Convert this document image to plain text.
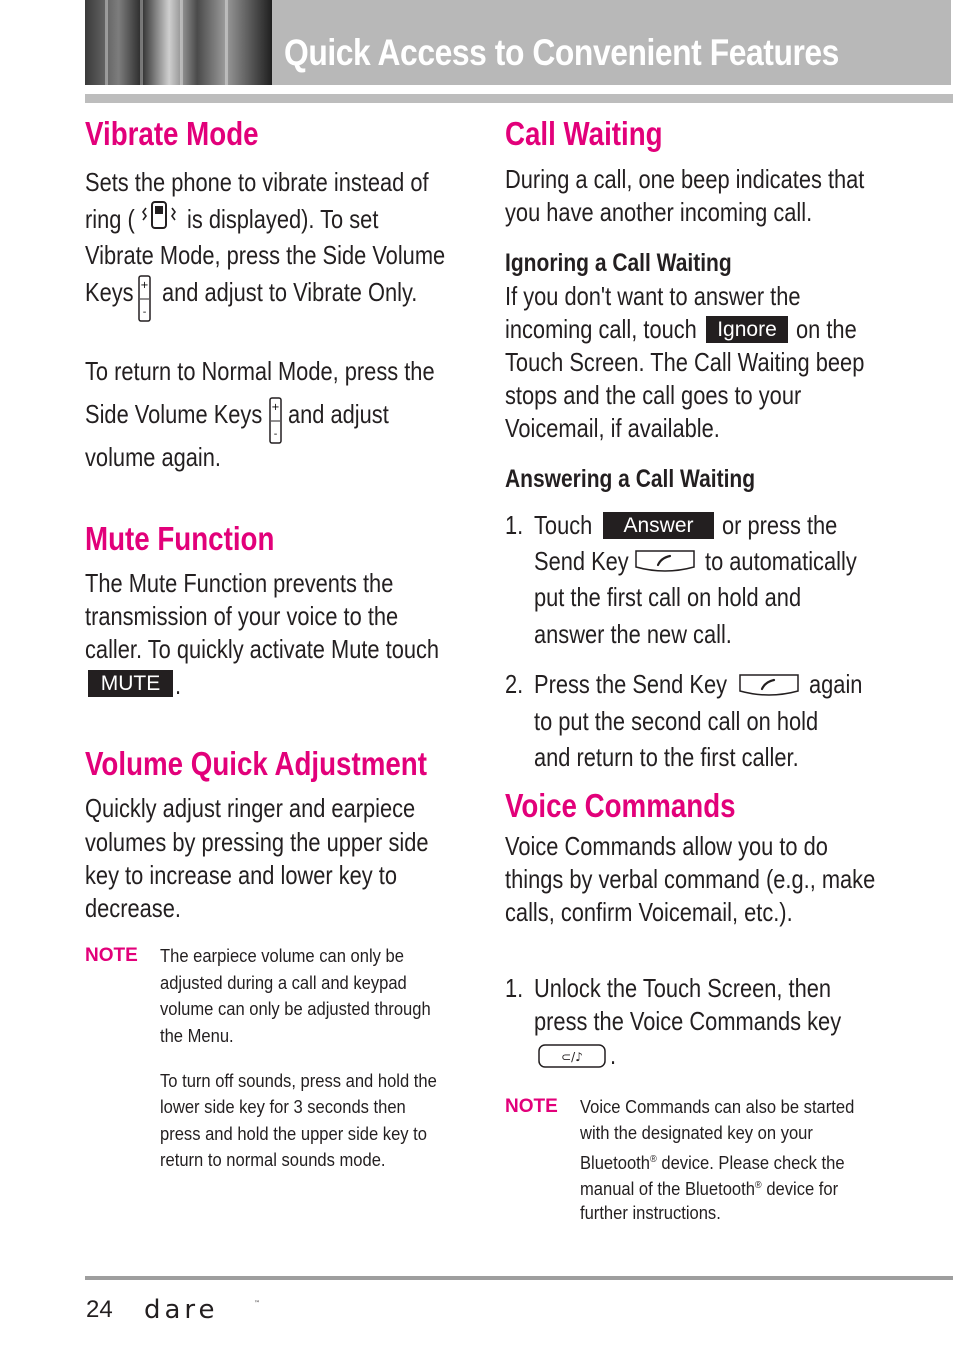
Quick Access to Convenient Features
Vibrate Mode
Sets the phone to vibrate instead of
ring ( is displayed). To set
Vibrate Mode, press the Side Volume
Keys +
-
and adjust to Vibrate Only.
To return to Normal Mode, press the
Side Volume Keys +
-
and adjust
volume again.
Mute Function
The Mute Function prevents the
transmission of your voice to the
caller. To quickly activate Mute touch
MUTE .
Volume Quick Adjustment
Quickly adjust ringer and earpiece
volumes by pressing the upper side
key to increase and lower key to
decrease.
NOTE The earpiece volume can only be
adjusted during a call and keypad
volume can only be adjusted through
the Menu.
To turn off sounds, press and hold the
lower side key for 3 seconds then
press and hold the upper side key to
return to normal sounds mode.
Call Waiting
During a call, one beep indicates that
you have another incoming call.
Ignoring a Call Waiting
If you don't want to answer the
incoming call, touch Ignore on the
Touch Screen. The Call Waiting beep
stops and the call goes to your
Voicemail, if available.
Answering a Call Waiting
1. Touch	Answer	or press the
Send Key	to automatically
put the first call on hold and
answer the new call.
2. Press the Send Key	again
to put the second call on hold
and return to the first caller.
Voice Commands
Voice Commands allow you to do
things by verbal command (e.g., make
calls, confirm Voicemail, etc.).
1. Unlock the Touch Screen, then
press the Voice Commands key
⊂/♪ .
NOTE Voice Commands can also be started
with the designated key on your
Bluetooth® device. Please check the
manual of the Bluetooth® device for
further instructions.
24 dare	™
